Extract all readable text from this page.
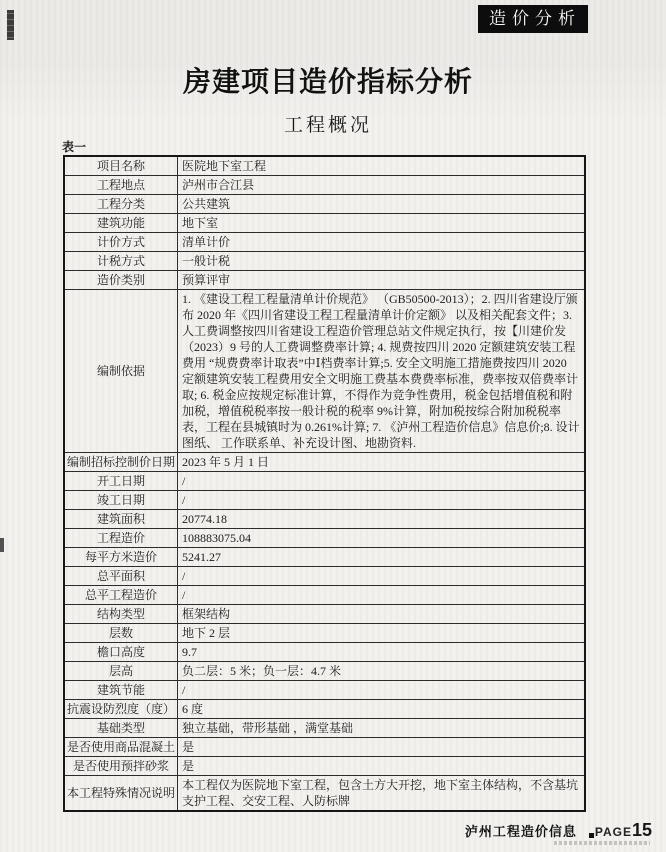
造价分析
房建项目造价指标分析
工程概况
表一
项目名称	医院地下室工程
工程地点	泸州市合江县
工程分类	公共建筑
建筑功能	地下室
计价方式	清单计价
计税方式	一般计税
造价类别	预算评审
编制依据	1. 《建设工程工程量清单计价规范》 （GB50500-2013）；2. 四川省建设厅颁布 2020 年《四川省建设工程工程量清单计价定额》 以及相关配套文件；3. 人工费调整按四川省建设工程造价管理总站文件规定执行，按【川建价发 （2023）9 号的人工费调整费率计算; 4. 规费按四川 2020 定额建筑安装工程费用 “规费费率计取表”中Ⅰ档费率计算;5. 安全文明施工措施费按四川 2020 定额建筑安装工程费用安全文明施工费基本费费率标准，费率按双倍费率计取; 6. 税金应按规定标准计算，不得作为竞争性费用，税金包括增值税和附加税，增值税税率按一般计税的税率 9%计算，附加税按综合附加税税率表，工程在县城镇时为 0.261%计算; 7. 《泸州工程造价信息》信息价;8. 设计图纸、 工作联系单、补充设计图、地勘资料.
编制招标控制价日期	2023 年 5 月 1 日
开工日期	/
竣工日期	/
建筑面积	20774.18
工程造价	108883075.04
每平方米造价	5241.27
总平面积	/
总平工程造价	/
结构类型	框架结构
层数	地下 2 层
檐口高度	9.7
层高	负二层：5 米；负一层：4.7 米
建筑节能	/
抗震设防烈度（度）	6 度
基础类型	独立基础，带形基础 ，满堂基础
是否使用商品混凝土	是
是否使用预拌砂浆	是
本工程特殊情况说明	本工程仅为医院地下室工程，包含土方大开挖，地下室主体结构，不含基坑支护工程、交安工程、人防标牌
泸州工程造价信息 PAGE 15
